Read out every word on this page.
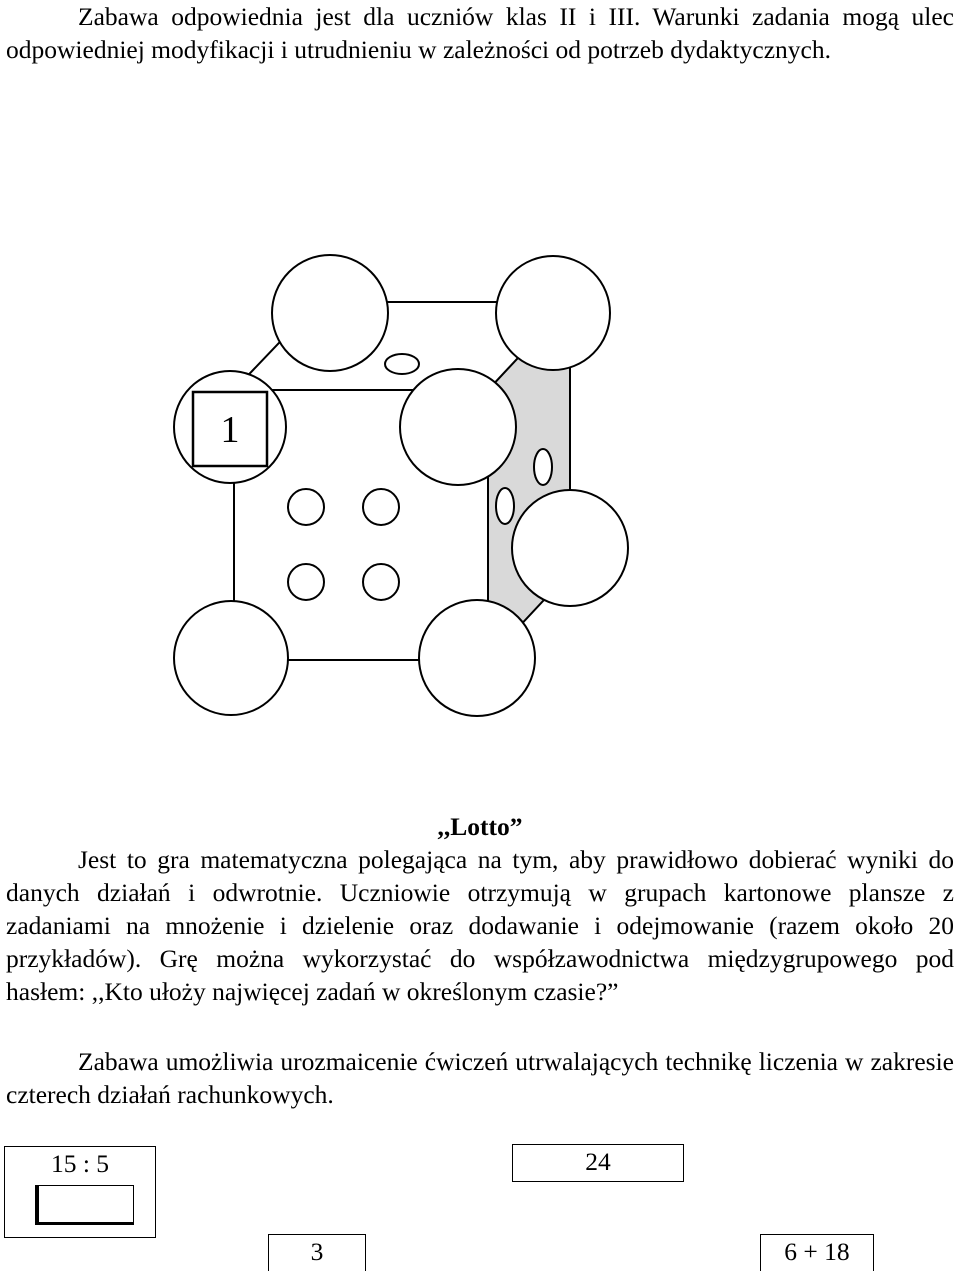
Zabawa odpowiednia jest dla uczniów klas II i III. Warunki zadania mogą ulec odpowiedniej modyfikacji i utrudnieniu w zależności od potrzeb dydaktycznych.

1

,,Lotto”

Jest to gra matematyczna polegająca na tym, aby prawidłowo dobierać wyniki do danych działań i odwrotnie. Uczniowie otrzymują w grupach kartonowe plansze z zadaniami na mnożenie i dzielenie oraz dodawanie i odejmowanie (razem około 20 przykładów). Grę można wykorzystać do współzawodnictwa międzygrupowego pod hasłem: ,,Kto ułoży najwięcej zadań w określonym czasie?”

Zabawa umożliwia urozmaicenie ćwiczeń utrwalających technikę liczenia w zakresie czterech działań rachunkowych.

15 : 5	24
3	6 + 18
